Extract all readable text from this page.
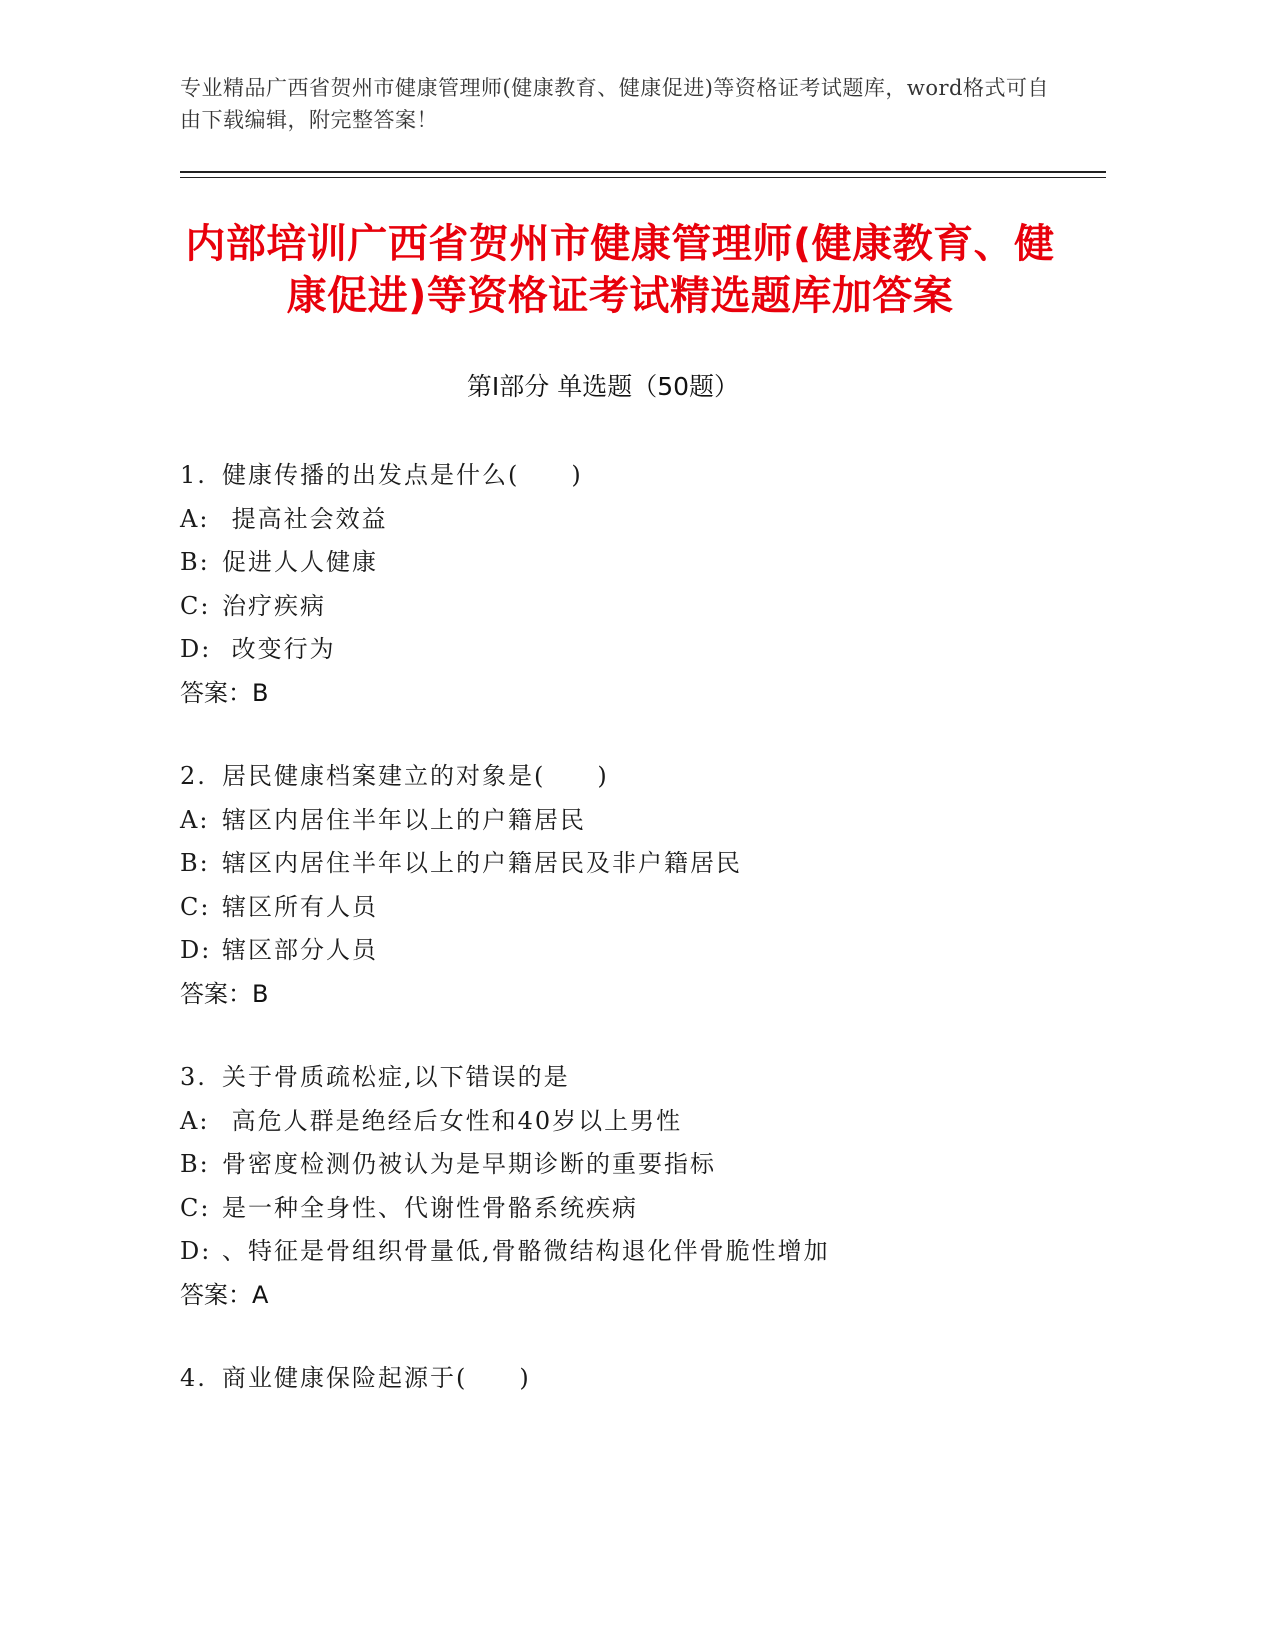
专业精品广西省贺州市健康管理师(健康教育、健康促进)等资格证考试题库，word格式可自由下载编辑，附完整答案！
内部培训广西省贺州市健康管理师(健康教育、健康促进)等资格证考试精选题库加答案
第Ⅰ部分 单选题（50题）
1. 健康传播的出发点是什么(　　)
A: 提高社会效益
B: 促进人人健康
C: 治疗疾病
D: 改变行为
答案：B
2. 居民健康档案建立的对象是(　　)
A: 辖区内居住半年以上的户籍居民
B: 辖区内居住半年以上的户籍居民及非户籍居民
C: 辖区所有人员
D: 辖区部分人员
答案：B
3. 关于骨质疏松症,以下错误的是
A: 高危人群是绝经后女性和40岁以上男性
B: 骨密度检测仍被认为是早期诊断的重要指标
C: 是一种全身性、代谢性骨骼系统疾病
D: 、特征是骨组织骨量低,骨骼微结构退化伴骨脆性增加
答案：A
4. 商业健康保险起源于(　　)
